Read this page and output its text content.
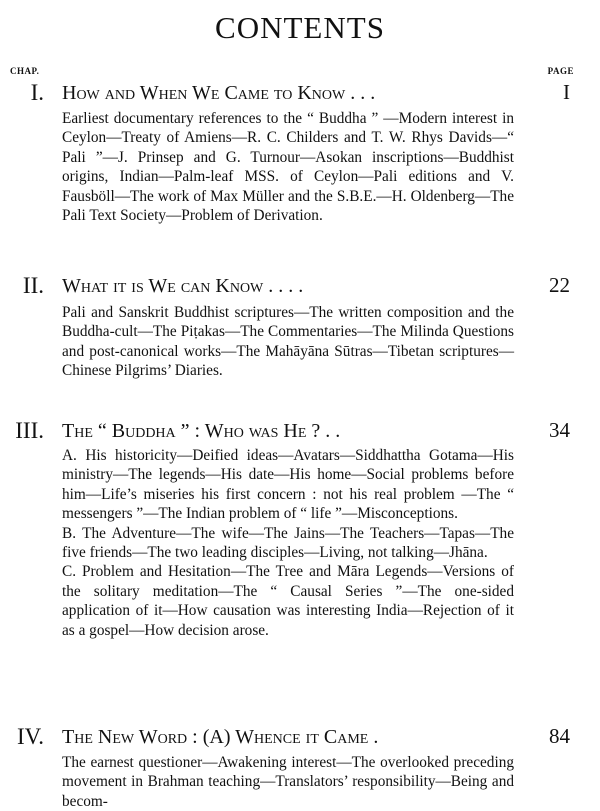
CONTENTS
CHAP.	PAGE
I. How and When We Came to Know . . .	I

Earliest documentary references to the “ Buddha ” —Modern interest in Ceylon—Treaty of Amiens—R. C. Childers and T. W. Rhys Davids—“ Pali ”—J. Prinsep and G. Turnour—Asokan inscriptions—Buddhist origins, Indian—Palm-leaf MSS. of Ceylon—Pali editions and V. Fausböll—The work of Max Müller and the S.B.E.—H. Oldenberg—The Pali Text Society—Problem of Derivation.

II. What it is We can Know . . . .	22

Pali and Sanskrit Buddhist scriptures—The written composition and the Buddha-cult—The Piṭakas—The Commentaries—The Milinda Questions and post-canonical works—The Mahāyāna Sūtras—Tibetan scriptures—Chinese Pilgrims’ Diaries.

III. The “ Buddha ” : Who was He ? . .	34

A. His historicity—Deified ideas—Avatars—Siddhattha Gotama—His ministry—The legends—His date—His home—Social problems before him—Life’s miseries his first concern : not his real problem —The “ messengers ”—The Indian problem of “ life ”—Misconceptions.

B. The Adventure—The wife—The Jains—The Teachers—Tapas—The five friends—The two leading disciples—Living, not talking—Jhāna.

C. Problem and Hesitation—The Tree and Māra Legends—Versions of the solitary meditation—The “ Causal Series ”—The one-sided application of it—How causation was interesting India—Rejection of it as a gospel—How decision arose.

IV. The New Word : (A) Whence it Came .	84

The earnest questioner—Awakening interest—The overlooked preceding movement in Brahman teaching—Translators’ responsibility—Being and becom-
